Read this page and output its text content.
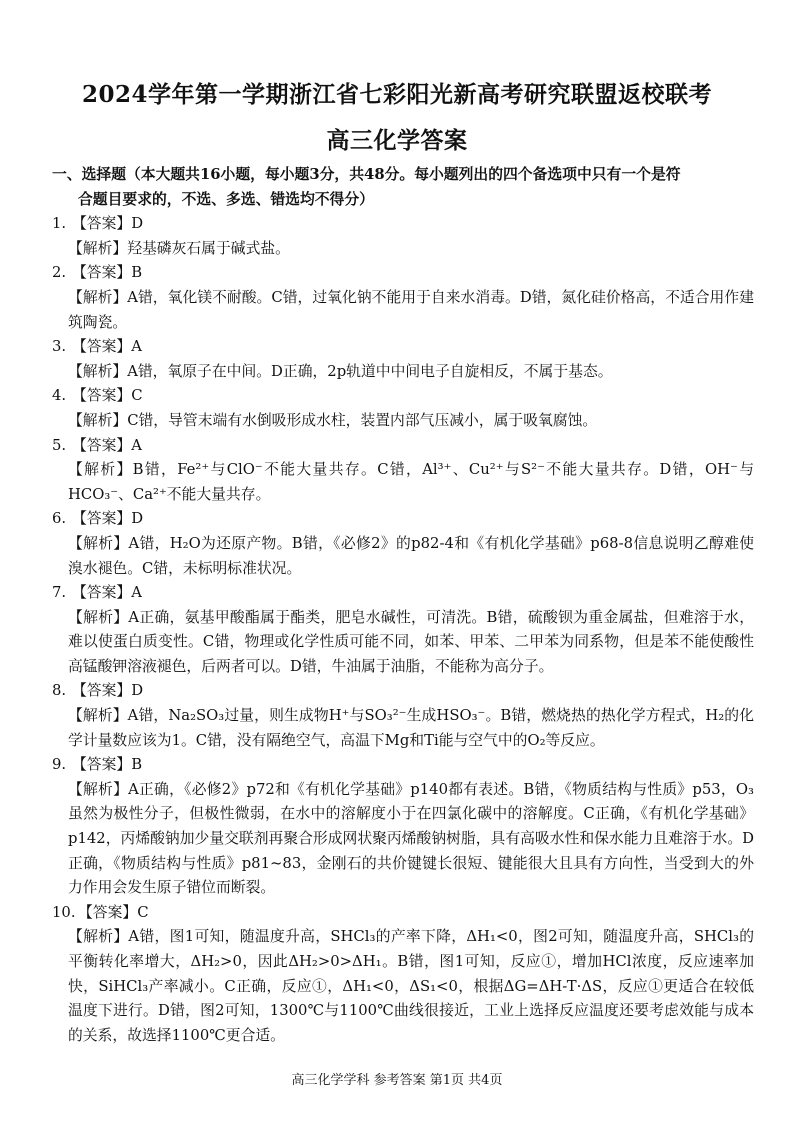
2024学年第一学期浙江省七彩阳光新高考研究联盟返校联考
高三化学答案
一、选择题（本大题共16小题，每小题3分，共48分。每小题列出的四个备选项中只有一个是符
合题目要求的，不选、多选、错选均不得分）
1. 【答案】D
【解析】羟基磷灰石属于碱式盐。
2. 【答案】B
【解析】A错，氧化镁不耐酸。C错，过氧化钠不能用于自来水消毒。D错，氮化硅价格高，不适合用作建筑陶瓷。
3. 【答案】A
【解析】A错，氧原子在中间。D正确，2p轨道中中间电子自旋相反，不属于基态。
4. 【答案】C
【解析】C错，导管末端有水倒吸形成水柱，装置内部气压减小，属于吸氧腐蚀。
5. 【答案】A
【解析】B错，Fe²⁺与ClO⁻不能大量共存。C错，Al³⁺、Cu²⁺与S²⁻不能大量共存。D错，OH⁻与HCO₃⁻、Ca²⁺不能大量共存。
6. 【答案】D
【解析】A错，H₂O为还原产物。B错，《必修2》的p82-4和《有机化学基础》p68-8信息说明乙醇难使溴水褪色。C错，未标明标准状况。
7. 【答案】A
【解析】A正确，氨基甲酸酯属于酯类，肥皂水碱性，可清洗。B错，硫酸钡为重金属盐，但难溶于水，难以使蛋白质变性。C错，物理或化学性质可能不同，如苯、甲苯、二甲苯为同系物，但是苯不能使酸性高锰酸钾溶液褪色，后两者可以。D错，牛油属于油脂，不能称为高分子。
8. 【答案】D
【解析】A错，Na₂SO₃过量，则生成物H⁺与SO₃²⁻生成HSO₃⁻。B错，燃烧热的热化学方程式，H₂的化学计量数应该为1。C错，没有隔绝空气，高温下Mg和Ti能与空气中的O₂等反应。
9. 【答案】B
【解析】A正确，《必修2》p72和《有机化学基础》p140都有表述。B错，《物质结构与性质》p53，O₃虽然为极性分子，但极性微弱，在水中的溶解度小于在四氯化碳中的溶解度。C正确，《有机化学基础》p142，丙烯酸钠加少量交联剂再聚合形成网状聚丙烯酸钠树脂，具有高吸水性和保水能力且难溶于水。D正确，《物质结构与性质》p81~83，金刚石的共价键键长很短、键能很大且具有方向性，当受到大的外力作用会发生原子错位而断裂。
10. 【答案】C
【解析】A错，图1可知，随温度升高，SHCl₃的产率下降，ΔH₁<0，图2可知，随温度升高，SHCl₃的平衡转化率增大，ΔH₂>0，因此ΔH₂>0>ΔH₁。B错，图1可知，反应①，增加HCl浓度，反应速率加快，SiHCl₃产率减小。C正确，反应①，ΔH₁<0，ΔS₁<0，根据ΔG=ΔH-T·ΔS，反应①更适合在较低温度下进行。D错，图2可知，1300℃与1100℃曲线很接近，工业上选择反应温度还要考虑效能与成本的关系，故选择1100℃更合适。
高三化学学科 参考答案 第1页 共4页
